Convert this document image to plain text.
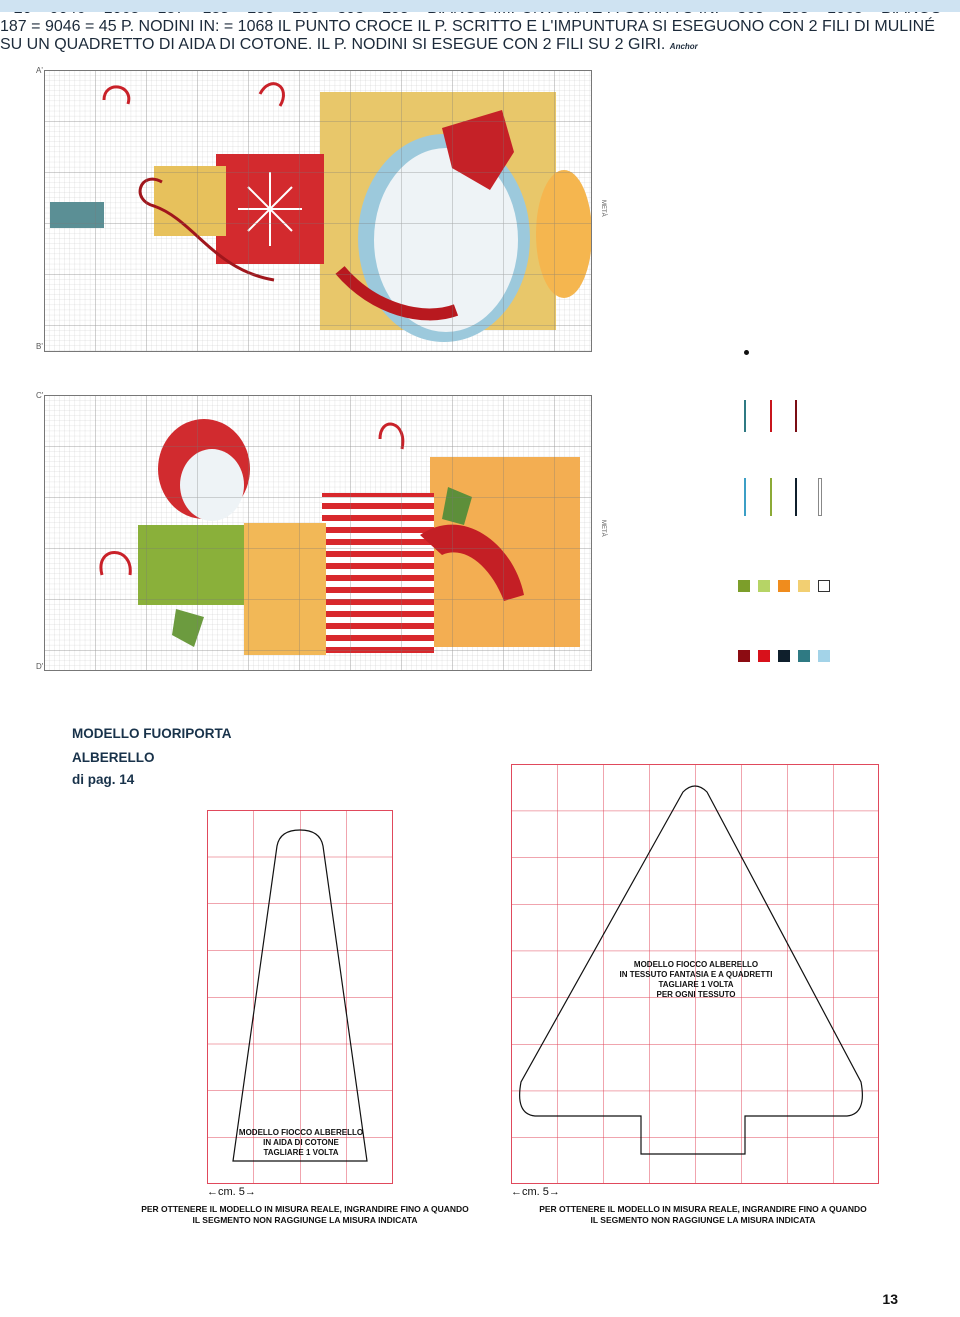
A'
B'
METÀ
C'
D'
METÀ
187 = 9046 = 45 P. NODINI IN: = 1068 IL PUNTO CROCE IL P. SCRITTO E L'IMPUNTURA SI ESEGUONO CON 2 FILI DI MULINÉ SU UN QUADRETTO DI AIDA DI COTONE. IL P. NODINI SI ESEGUE CON 2 FILI SU 2 GIRI. Anchor
MODELLO FUORIPORTA
ALBERELLO
di pag. 14
MODELLO FIOCCO ALBERELLO
IN AIDA DI COTONE
TAGLIARE 1 VOLTA
←cm. 5→
PER OTTENERE IL MODELLO IN MISURA REALE, INGRANDIRE FINO A QUANDO
IL SEGMENTO NON RAGGIUNGE LA MISURA INDICATA
MODELLO FIOCCO ALBERELLO
IN TESSUTO FANTASIA E A QUADRETTI
TAGLIARE 1 VOLTA
PER OGNI TESSUTO
←cm. 5→
PER OTTENERE IL MODELLO IN MISURA REALE, INGRANDIRE FINO A QUANDO
IL SEGMENTO NON RAGGIUNGE LA MISURA INDICATA
13
